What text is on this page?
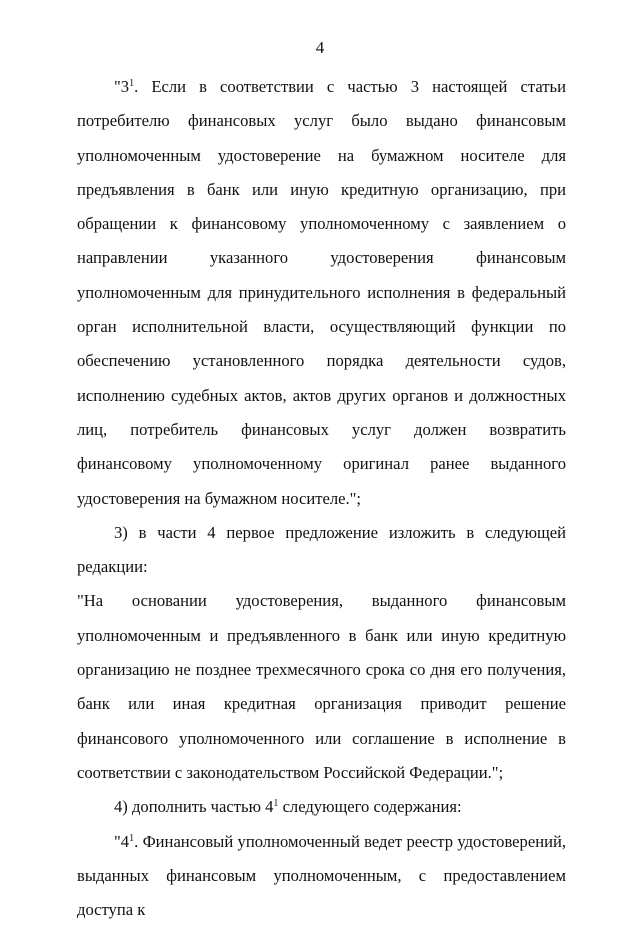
4

"$3^1$. Если в соответствии с частью 3 настоящей статьи потребителю финансовых услуг было выдано финансовым уполномоченным удостоверение на бумажном носителе для предъявления в банк или иную кредитную организацию, при обращении к финансовому уполномоченному с заявлением о направлении указанного удостоверения финансовым уполномоченным для принудительного исполнения в федеральный орган исполнительной власти, осуществляющий функции по обеспечению установленного порядка деятельности судов, исполнению судебных актов, актов других органов и должностных лиц, потребитель финансовых услуг должен возвратить финансовому уполномоченному оригинал ранее выданного удостоверения на бумажном носителе.";

3) в части 4 первое предложение изложить в следующей редакции:

"На основании удостоверения, выданного финансовым уполномоченным и предъявленного в банк или иную кредитную организацию не позднее трехмесячного срока со дня его получения, банк или иная кредитная организация приводит решение финансового уполномоченного или соглашение в исполнение в соответствии с законодательством Российской Федерации.";

4) дополнить частью $4^1$ следующего содержания:

"$4^1$. Финансовый уполномоченный ведет реестр удостоверений, выданных финансовым уполномоченным, с предоставлением доступа к
